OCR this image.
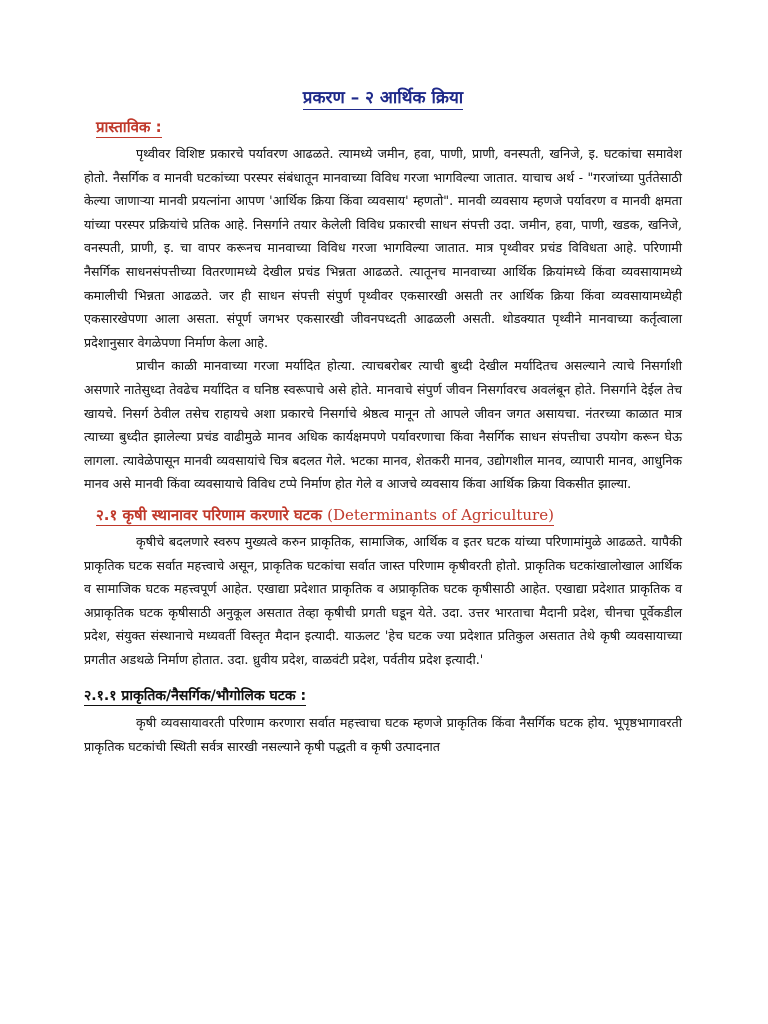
प्रकरण – २ आर्थिक क्रिया
प्रास्ताविक :

पृथ्वीवर विशिष्ट प्रकारचे पर्यावरण आढळते. त्यामध्ये जमीन, हवा, पाणी, प्राणी, वनस्पती, खनिजे, इ. घटकांचा समावेश होतो. नैसर्गिक व मानवी घटकांच्या परस्पर संबंधातून मानवाच्या विविध गरजा भागविल्या जातात. याचाच अर्थ - "गरजांच्या पुर्ततेसाठी केल्या जाणाऱ्या मानवी प्रयत्नांना आपण 'आर्थिक क्रिया किंवा व्यवसाय' म्हणतो". मानवी व्यवसाय म्हणजे पर्यावरण व मानवी क्षमता यांच्या परस्पर प्रक्रियांचे प्रतिक आहे. निसर्गाने तयार केलेली विविध प्रकारची साधन संपत्ती उदा. जमीन, हवा, पाणी, खडक, खनिजे, वनस्पती, प्राणी, इ. चा वापर करूनच मानवाच्या विविध गरजा भागविल्या जातात. मात्र पृथ्वीवर प्रचंड विविधता आहे. परिणामी नैसर्गिक साधनसंपत्तीच्या वितरणामध्ये देखील प्रचंड भिन्नता आढळते. त्यातूनच मानवाच्या आर्थिक क्रियांमध्ये किंवा व्यवसायामध्ये कमालीची भिन्नता आढळते. जर ही साधन संपत्ती संपुर्ण पृथ्वीवर एकसारखी असती तर आर्थिक क्रिया किंवा व्यवसायामध्येही एकसारखेपणा आला असता. संपूर्ण जगभर एकसारखी जीवनपध्दती आढळली असती. थोडक्यात पृथ्वीने मानवाच्या कर्तृत्वाला प्रदेशानुसार वेगळेपणा निर्माण केला आहे.

प्राचीन काळी मानवाच्या गरजा मर्यादित होत्या. त्याचबरोबर त्याची बुध्दी देखील मर्यादितच असल्याने त्याचे निसर्गाशी असणारे नातेसुध्दा तेवढेच मर्यादित व घनिष्ठ स्वरूपाचे असे होते. मानवाचे संपुर्ण जीवन निसर्गावरच अवलंबून होते. निसर्गाने देईल तेच खायचे. निसर्ग ठेवील तसेच राहायचे अशा प्रकारचे निसर्गाचे श्रेष्ठत्व मानून तो आपले जीवन जगत असायचा. नंतरच्या काळात मात्र त्याच्या बुध्दीत झालेल्या प्रचंड वाढीमुळे मानव अधिक कार्यक्षमपणे पर्यावरणाचा किंवा नैसर्गिक साधन संपत्तीचा उपयोग करून घेऊ लागला. त्यावेळेपासून मानवी व्यवसायांचे चित्र बदलत गेले. भटका मानव, शेतकरी मानव, उद्योगशील मानव, व्यापारी मानव, आधुनिक मानव असे मानवी किंवा व्यवसायाचे विविध टप्पे निर्माण होत गेले व आजचे व्यवसाय किंवा आर्थिक क्रिया विकसीत झाल्या.

२.१ कृषी स्थानावर परिणाम करणारे घटक (Determinants of Agriculture)

कृषीचे बदलणारे स्वरुप मुख्यत्वे करुन प्राकृतिक, सामाजिक, आर्थिक व इतर घटक यांच्या परिणामांमुळे आढळते. यापैकी प्राकृतिक घटक सर्वात महत्त्वाचे असून, प्राकृतिक घटकांचा सर्वात जास्त परिणाम कृषीवरती होतो. प्राकृतिक घटकांखालोखाल आर्थिक व सामाजिक घटक महत्त्वपूर्ण आहेत. एखाद्या प्रदेशात प्राकृतिक व अप्राकृतिक घटक कृषीसाठी आहेत. एखाद्या प्रदेशात प्राकृतिक व अप्राकृतिक घटक कृषीसाठी अनुकूल असतात तेव्हा कृषीची प्रगती घडून येते. उदा. उत्तर भारताचा मैदानी प्रदेश, चीनचा पूर्वेकडील प्रदेश, संयुक्त संस्थानाचे मध्यवर्ती विस्तृत मैदान इत्यादी. याऊलट 'हेच घटक ज्या प्रदेशात प्रतिकुल असतात तेथे कृषी व्यवसायाच्या प्रगतीत अडथळे निर्माण होतात. उदा. ध्रुवीय प्रदेश, वाळवंटी प्रदेश, पर्वतीय प्रदेश इत्यादी.'

२.१.१ प्राकृतिक/नैसर्गिक/भौगोलिक घटक :

कृषी व्यवसायावरती परिणाम करणारा सर्वात महत्त्वाचा घटक म्हणजे प्राकृतिक किंवा नैसर्गिक घटक होय. भूपृष्ठभागावरती प्राकृतिक घटकांची स्थिती सर्वत्र सारखी नसल्याने कृषी पद्धती व कृषी उत्पादनात
